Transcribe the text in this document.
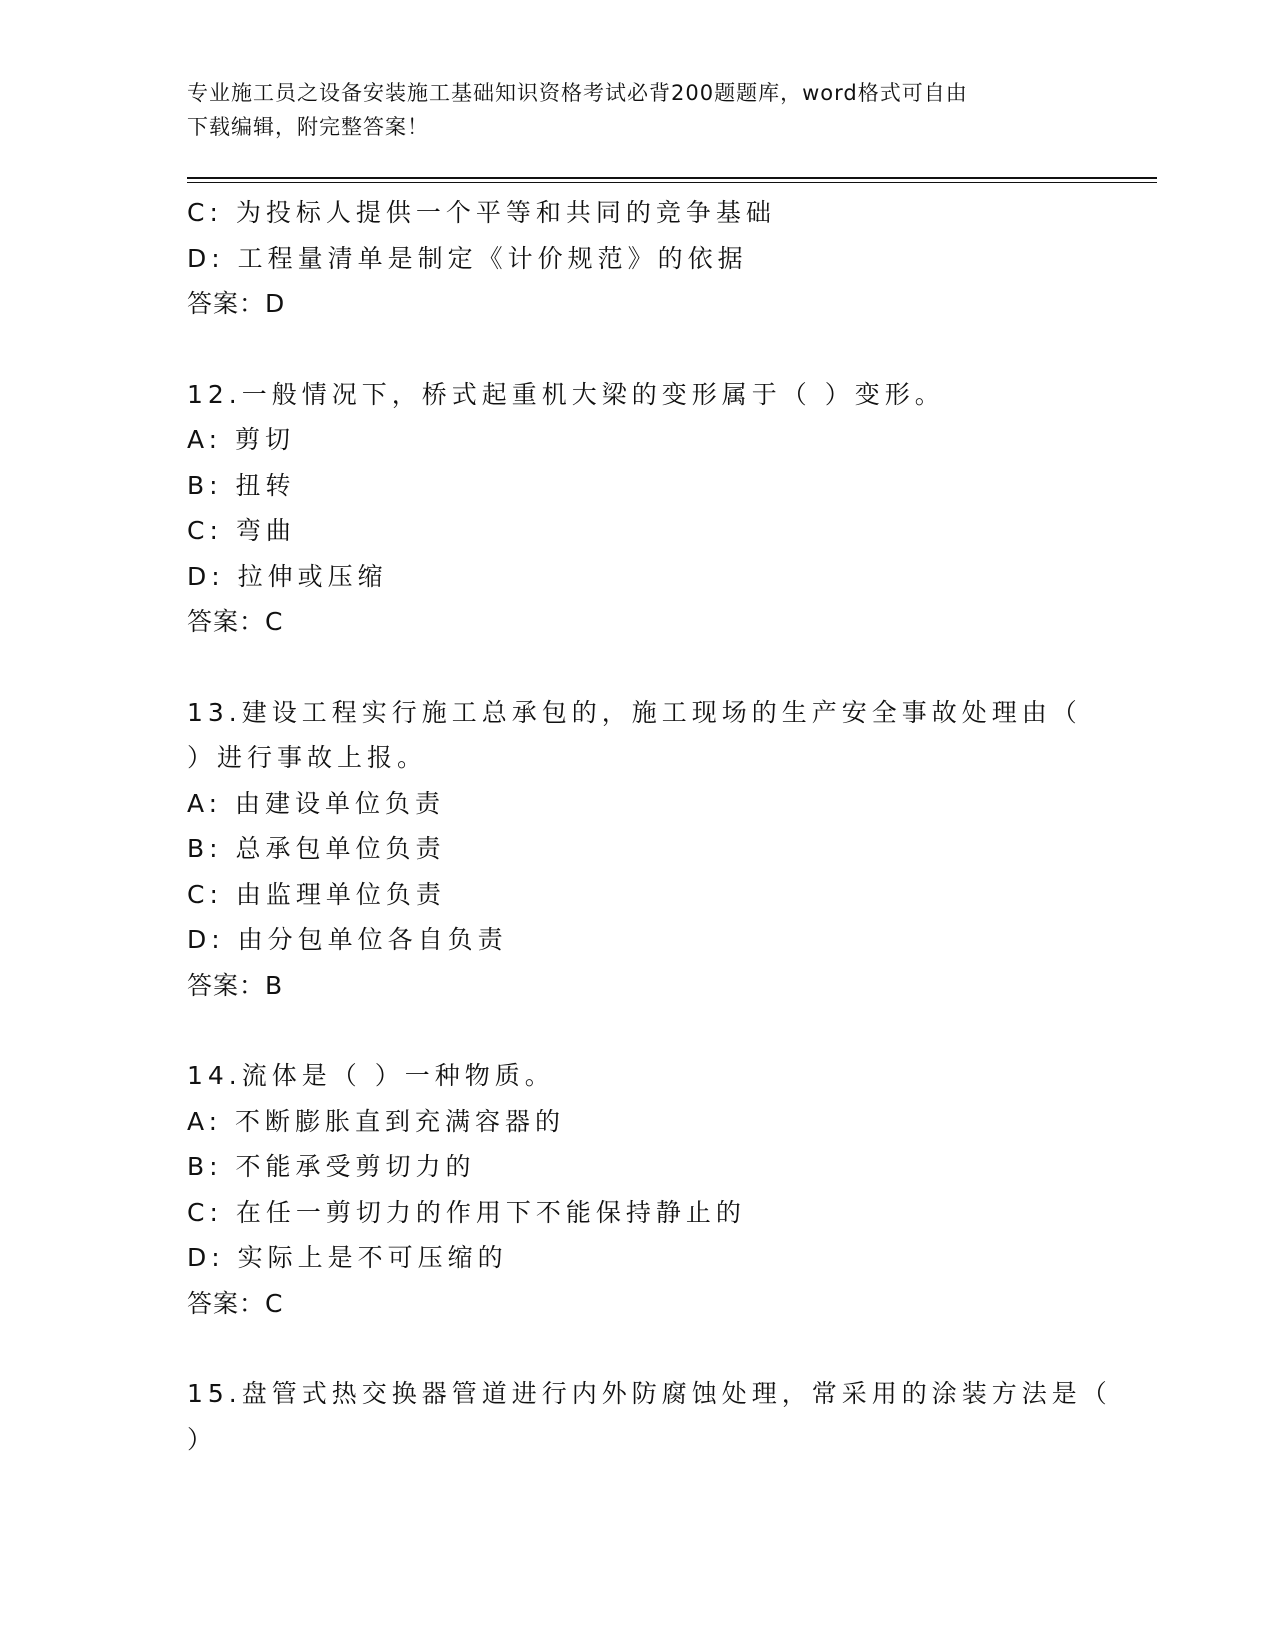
专业施工员之设备安装施工基础知识资格考试必背200题题库，word格式可自由
下载编辑，附完整答案！
C: 为投标人提供一个平等和共同的竞争基础
D: 工程量清单是制定《计价规范》的依据
答案：D
12.一般情况下，桥式起重机大梁的变形属于（ ）变形。
A: 剪切
B: 扭转
C: 弯曲
D: 拉伸或压缩
答案：C
13.建设工程实行施工总承包的，施工现场的生产安全事故处理由（
）进行事故上报。
A: 由建设单位负责
B: 总承包单位负责
C: 由监理单位负责
D: 由分包单位各自负责
答案：B
14.流体是（ ）一种物质。
A: 不断膨胀直到充满容器的
B: 不能承受剪切力的
C: 在任一剪切力的作用下不能保持静止的
D: 实际上是不可压缩的
答案：C
15.盘管式热交换器管道进行内外防腐蚀处理，常采用的涂装方法是（
）
